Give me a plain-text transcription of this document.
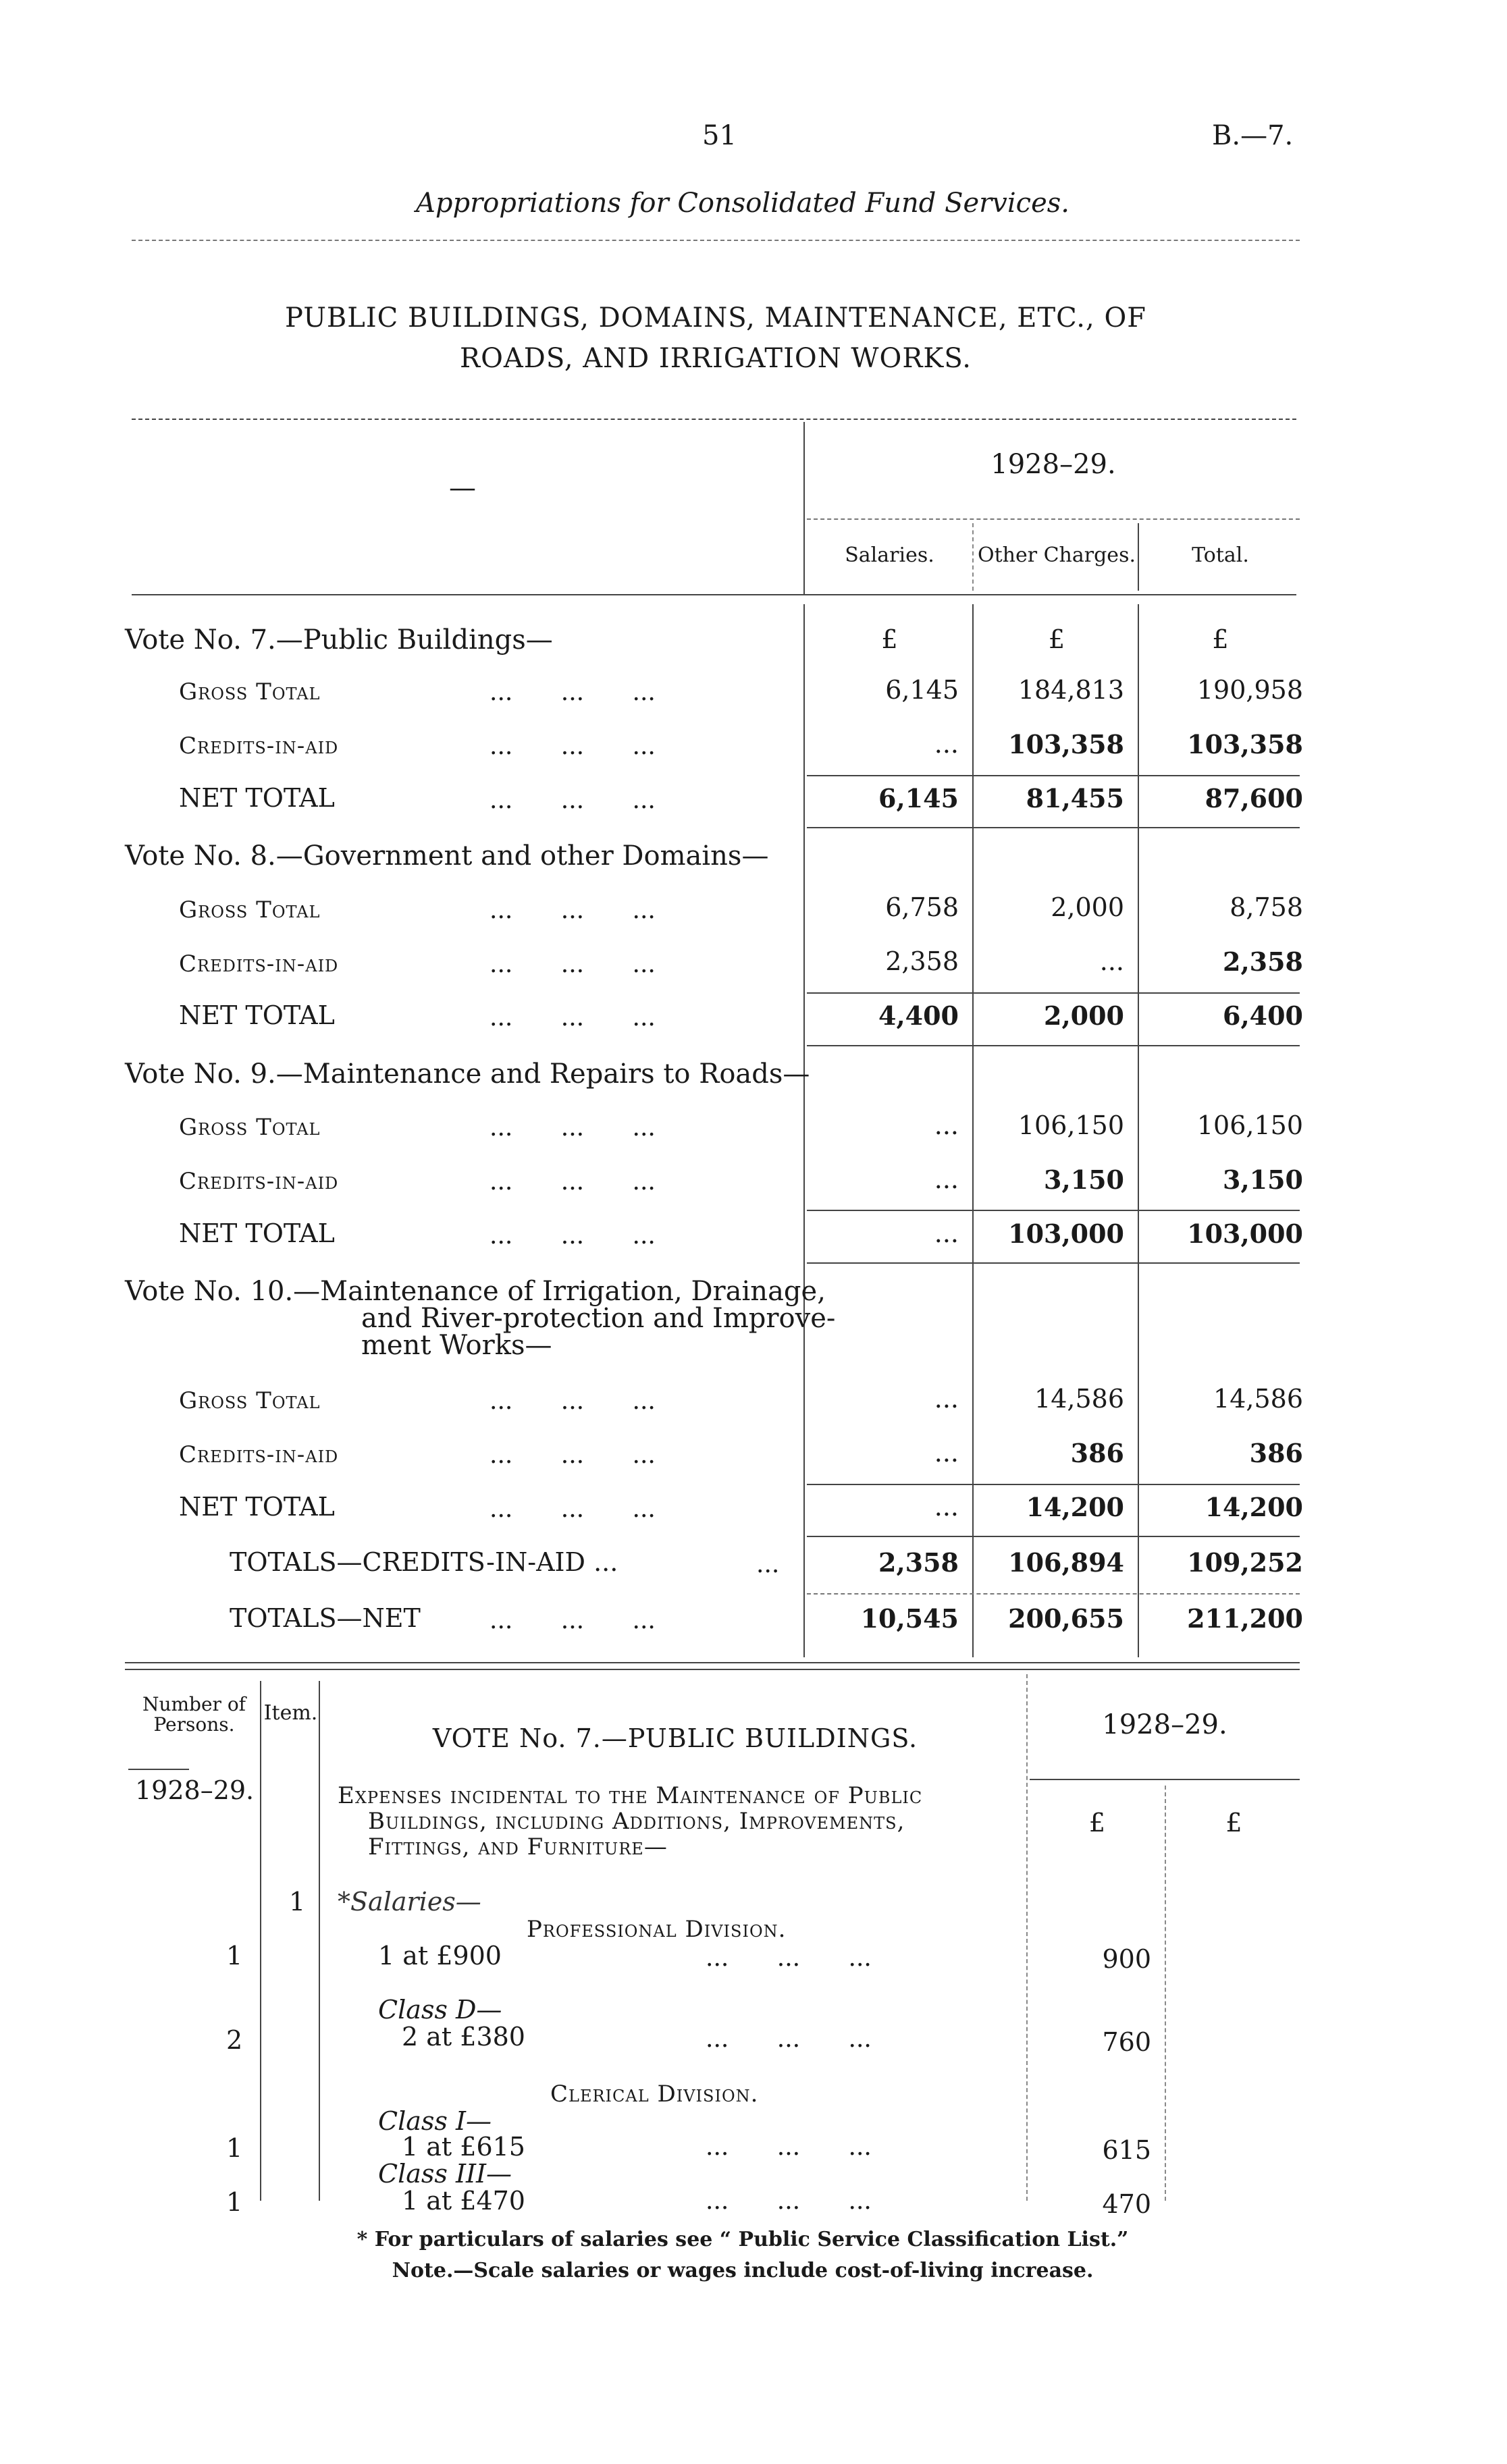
51	B.—7.
Appropriations for Consolidated Fund Services.
PUBLIC BUILDINGS, DOMAINS, MAINTENANCE, ETC., OF
ROADS, AND IRRIGATION WORKS.
—
1928–29.
Salaries.	Other Charges.	Total.
Vote No. 7.—Public Buildings—	£	£	£
Gross Total	... ... ...	6,145	184,813	190,958
Credits-in-aid	... ... ...	...	103,358	103,358
NET TOTAL	... ... ...	6,145	81,455	87,600
Vote No. 8.—Government and other Domains—
Gross Total	... ... ...	6,758	2,000	8,758
Credits-in-aid	... ... ...	2,358	...	2,358
NET TOTAL	... ... ...	4,400	2,000	6,400
Vote No. 9.—Maintenance and Repairs to Roads—
Gross Total	... ... ...	...	106,150	106,150
Credits-in-aid	... ... ...	...	3,150	3,150
NET TOTAL	... ... ...	...	103,000	103,000
Vote No. 10.—Maintenance of Irrigation, Drainage,
and River-protection and Improve-
ment Works—
Gross Total	... ... ...	...	14,586	14,586
Credits-in-aid	... ... ...	...	386	386
NET TOTAL	... ... ...	...	14,200	14,200
TOTALS—CREDITS-IN-AID ...	...	2,358	106,894	109,252
TOTALS—NET	... ... ...	10,545	200,655	211,200
Number of Persons.	Item.
VOTE No. 7.—PUBLIC BUILDINGS.	1928–29.
1928–29.	Expenses incidental to the Maintenance of Public
Buildings, including Additions, Improvements,
Fittings, and Furniture—
£	£
1 *Salaries—
Professional Division.
1	1 at £900	... ... ...	900
Class D—
2	2 at £380	... ... ...	760
Clerical Division.
Class I—
1	1 at £615	... ... ...	615
Class III—
1	1 at £470	... ... ...	470
* For particulars of salaries see “ Public Service Classification List.”
Note.—Scale salaries or wages include cost-of-living increase.
